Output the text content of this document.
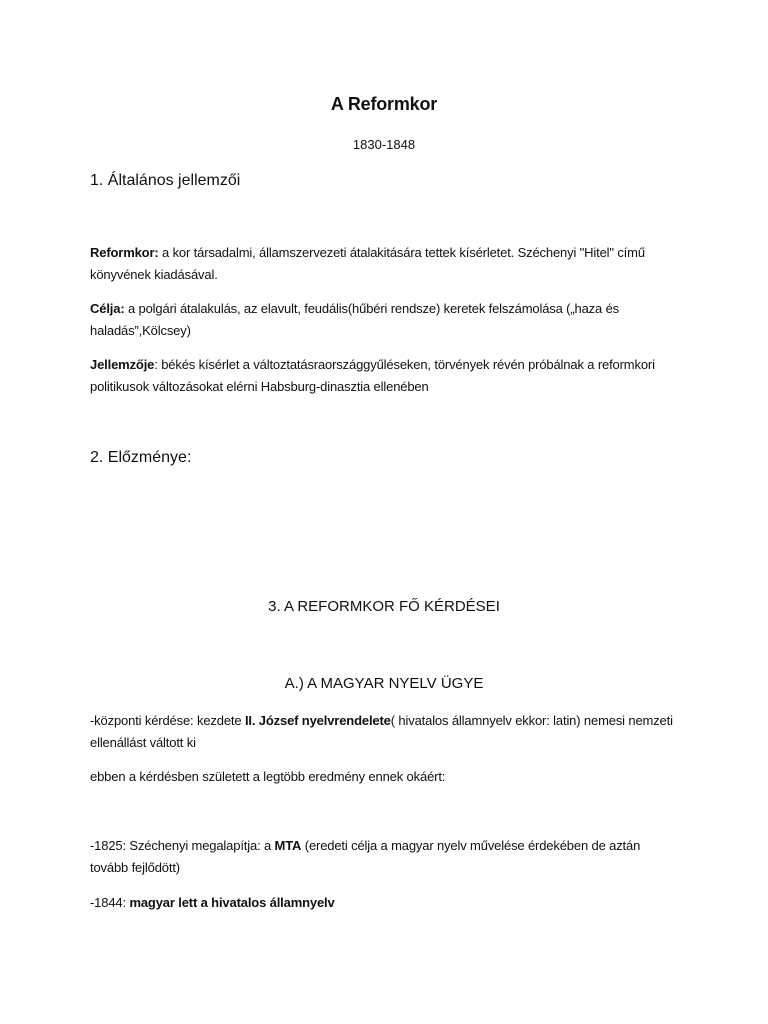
A Reformkor
1830-1848
1. Általános jellemzői
Reformkor: a kor társadalmi, államszervezeti átalakitására tettek kísérletet. Széchenyi "Hitel" című könyvének kiadásával.
Célja: a polgári átalakulás, az elavult, feudális(hűbéri rendsze) keretek felszámolása („haza és haladás”,Kölcsey)
Jellemzője: békés kísérlet a változtatásraországgyűléseken, törvények révén próbálnak a reformkori politikusok változásokat elérni Habsburg-dinasztia ellenében
2. Előzménye:
3. A REFORMKOR FŐ KÉRDÉSEI
A.) A MAGYAR NYELV ÜGYE
-központi kérdése: kezdete II. József nyelvrendelete( hivatalos államnyelv ekkor: latin) nemesi nemzeti ellenállást váltott ki
ebben a kérdésben született a legtöbb eredmény ennek okáért:
-1825: Széchenyi megalapítja: a MTA (eredeti célja a magyar nyelv művelése érdekében de aztán tovább fejlődött)
-1844: magyar lett a hivatalos államnyelv
